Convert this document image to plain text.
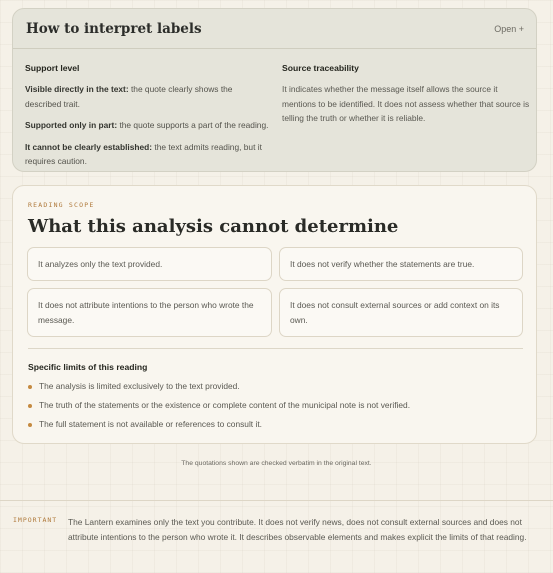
How to interpret labels	Open +
Support level

Visible directly in the text: the quote clearly shows the described trait.

Supported only in part: the quote supports a part of the reading.

It cannot be clearly established: the text admits reading, but it requires caution.

Source traceability

It indicates whether the message itself allows the source it mentions to be identified. It does not assess whether that source is telling the truth or whether it is reliable.

READING SCOPE
What this analysis cannot determine
It analyzes only the text provided.	It does not verify whether the statements are true.
It does not attribute intentions to the person who wrote the message.
It does not consult external sources or add context on its own.
Specific limits of this reading
The analysis is limited exclusively to the text provided.
The truth of the statements or the existence or complete content of the municipal note is not verified.
The full statement is not available or references to consult it.

The quotations shown are checked verbatim in the original text.

IMPORTANT The Lantern examines only the text you contribute. It does not verify news, does not consult external sources and does not attribute intentions to the person who wrote it. It describes observable elements and makes explicit the limits of that reading.
